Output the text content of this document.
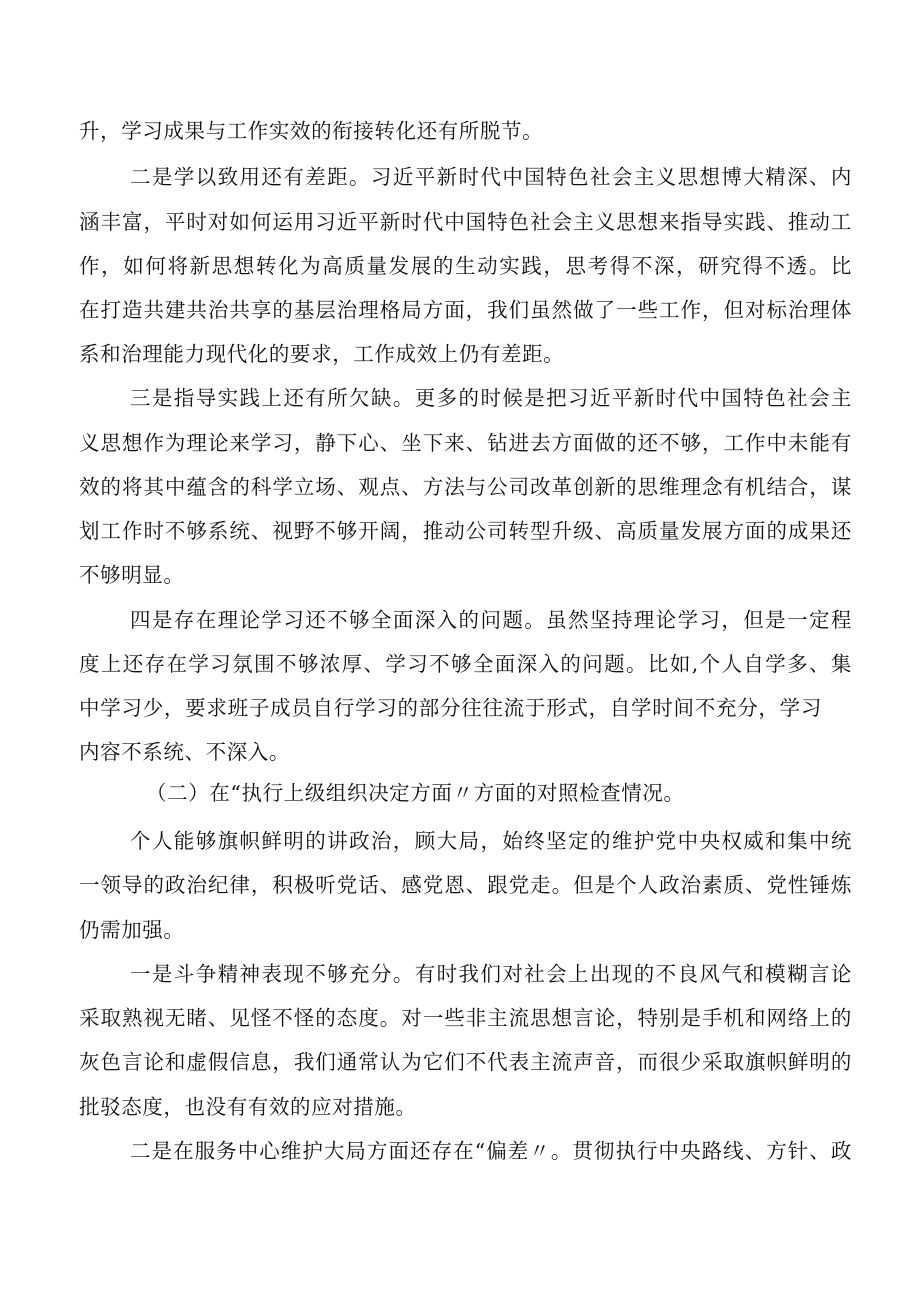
升，学习成果与工作实效的衔接转化还有所脱节。
二是学以致用还有差距。习近平新时代中国特色社会主义思想博大精深、内
涵丰富，平时对如何运用习近平新时代中国特色社会主义思想来指导实践、推动工
作，如何将新思想转化为高质量发展的生动实践，思考得不深，研究得不透。比
在打造共建共治共享的基层治理格局方面，我们虽然做了一些工作，但对标治理体
系和治理能力现代化的要求，工作成效上仍有差距。
三是指导实践上还有所欠缺。更多的时候是把习近平新时代中国特色社会主
义思想作为理论来学习，静下心、坐下来、钻进去方面做的还不够，工作中未能有
效的将其中蕴含的科学立场、观点、方法与公司改革创新的思维理念有机结合，谋
划工作时不够系统、视野不够开阔，推动公司转型升级、高质量发展方面的成果还
不够明显。
四是存在理论学习还不够全面深入的问题。虽然坚持理论学习，但是一定程
度上还存在学习氛围不够浓厚、学习不够全面深入的问题。比如,个人自学多、集
中学习少，要求班子成员自行学习的部分往往流于形式，自学时间不充分，学习
内容不系统、不深入。
（二）在“执行上级组织决定方面〃方面的对照检查情况。
个人能够旗帜鲜明的讲政治，顾大局，始终坚定的维护党中央权威和集中统
一领导的政治纪律，积极听党话、感党恩、跟党走。但是个人政治素质、党性锤炼
仍需加强。
一是斗争精神表现不够充分。有时我们对社会上出现的不良风气和模糊言论
采取熟视无睹、见怪不怪的态度。对一些非主流思想言论，特别是手机和网络上的
灰色言论和虚假信息，我们通常认为它们不代表主流声音，而很少采取旗帜鲜明的
批驳态度，也没有有效的应对措施。
二是在服务中心维护大局方面还存在“偏差〃。贯彻执行中央路线、方针、政
